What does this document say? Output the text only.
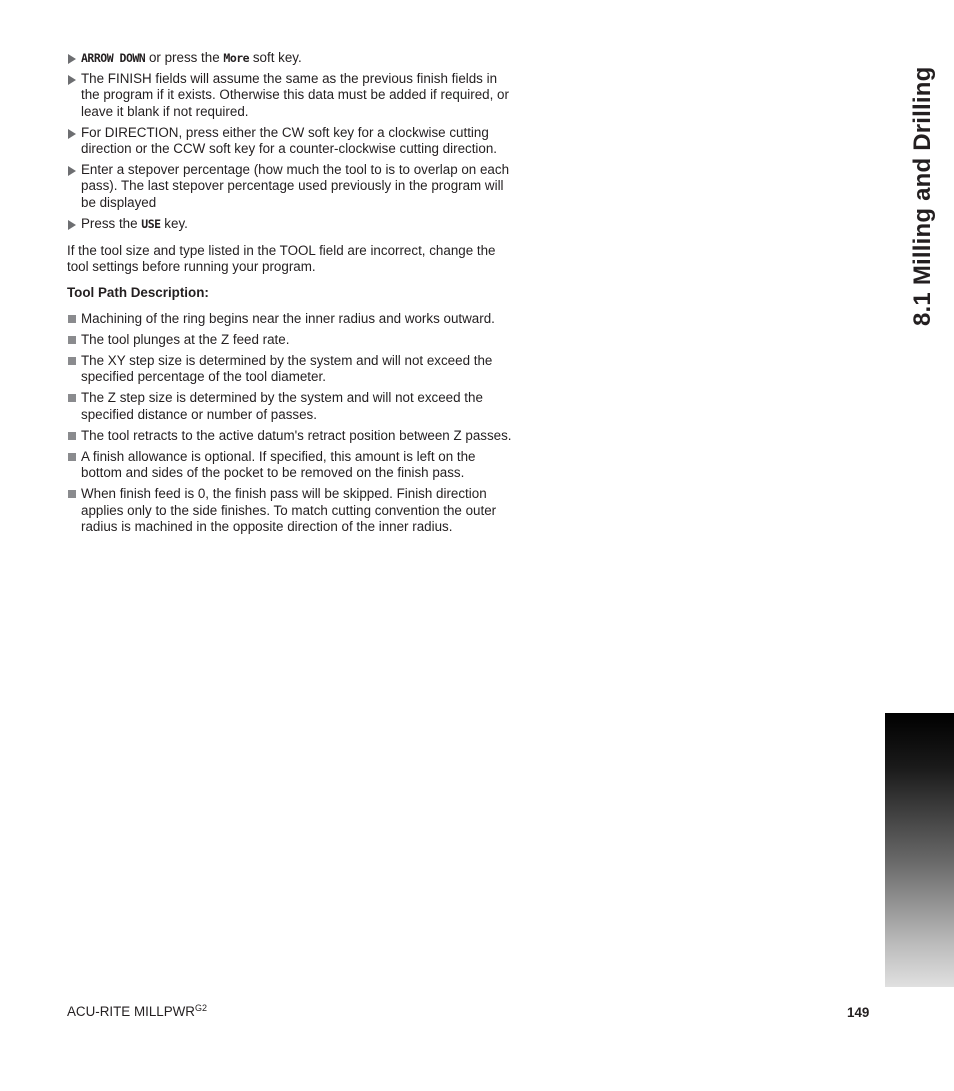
ARROW DOWN or press the More soft key.
The FINISH fields will assume the same as the previous finish fields in the program if it exists. Otherwise this data must be added if required, or leave it blank if not required.
For DIRECTION, press either the CW soft key for a clockwise cutting direction or the CCW soft key for a counter-clockwise cutting direction.
Enter a stepover percentage (how much the tool to is to overlap on each pass). The last stepover percentage used previously in the program will be displayed
Press the USE key.
If the tool size and type listed in the TOOL field are incorrect, change the tool settings before running your program.
Tool Path Description:
Machining of the ring begins near the inner radius and works outward.
The tool plunges at the Z feed rate.
The XY step size is determined by the system and will not exceed the specified percentage of the tool diameter.
The Z step size is determined by the system and will not exceed the specified distance or number of passes.
The tool retracts to the active datum's retract position between Z passes.
A finish allowance is optional. If specified, this amount is left on the bottom and sides of the pocket to be removed on the finish pass.
When finish feed is 0, the finish pass will be skipped. Finish direction applies only to the side finishes. To match cutting convention the outer radius is machined in the opposite direction of the inner radius.
8.1 Milling and Drilling
ACU-RITE $MILLPWR^{G2}$	149
